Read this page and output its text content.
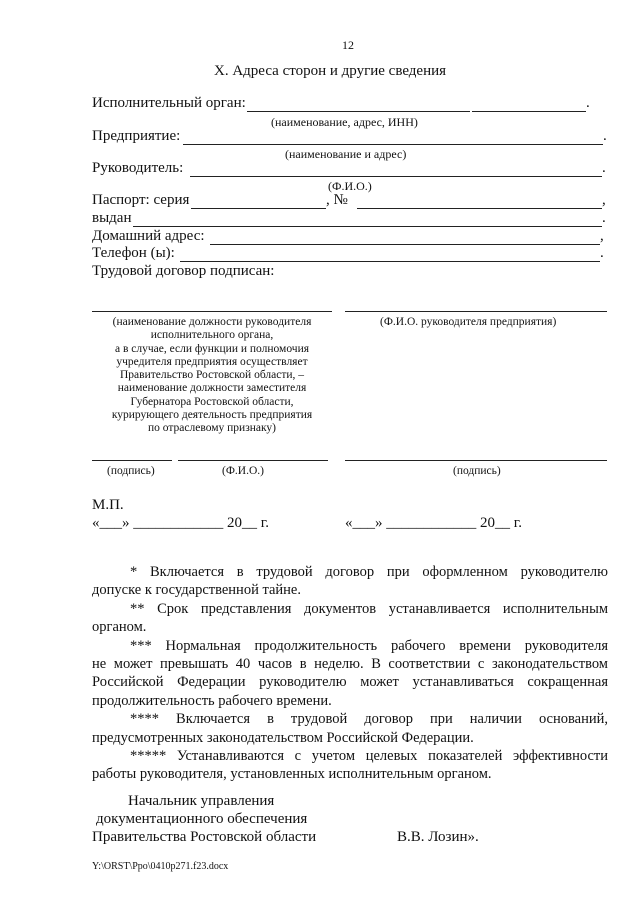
12
X. Адреса сторон и другие сведения
Исполнительный орган:	.
(наименование, адрес, ИНН)
Предприятие:	.
(наименование и адрес)
Руководитель:	.
(Ф.И.О.)
Паспорт: серия	, №	,
выдан	.
Домашний адрес:	,
Телефон (ы):	.
Трудовой договор подписан:
(наименование должности руководителя
исполнительного органа,
а в случае, если функции и полномочия
учредителя предприятия осуществляет
Правительство Ростовской области, –
наименование должности заместителя
Губернатора Ростовской области,
курирующего деятельность предприятия
по отраслевому признаку)
(Ф.И.О. руководителя предприятия)
(подпись)	(Ф.И.О.)	(подпись)
М.П.
«___» ____________ 20__ г.	«___» ____________ 20__ г.
* Включается в трудовой договор при оформленном руководителю
допуске к государственной тайне.
** Срок представления документов устанавливается исполнительным
органом.
*** Нормальная продолжительность рабочего времени руководителя
не может превышать 40 часов в неделю. В соответствии с законодательством
Российской Федерации руководителю может устанавливаться сокращенная
продолжительность рабочего времени.
**** Включается в трудовой договор при наличии оснований,
предусмотренных законодательством Российской Федерации.
***** Устанавливаются с учетом целевых показателей эффективности
работы руководителя, установленных исполнительным органом.
Начальник управления
документационного обеспечения
Правительства Ростовской области	В.В. Лозин».
Y:\ORST\Ppo\0410p271.f23.docx
